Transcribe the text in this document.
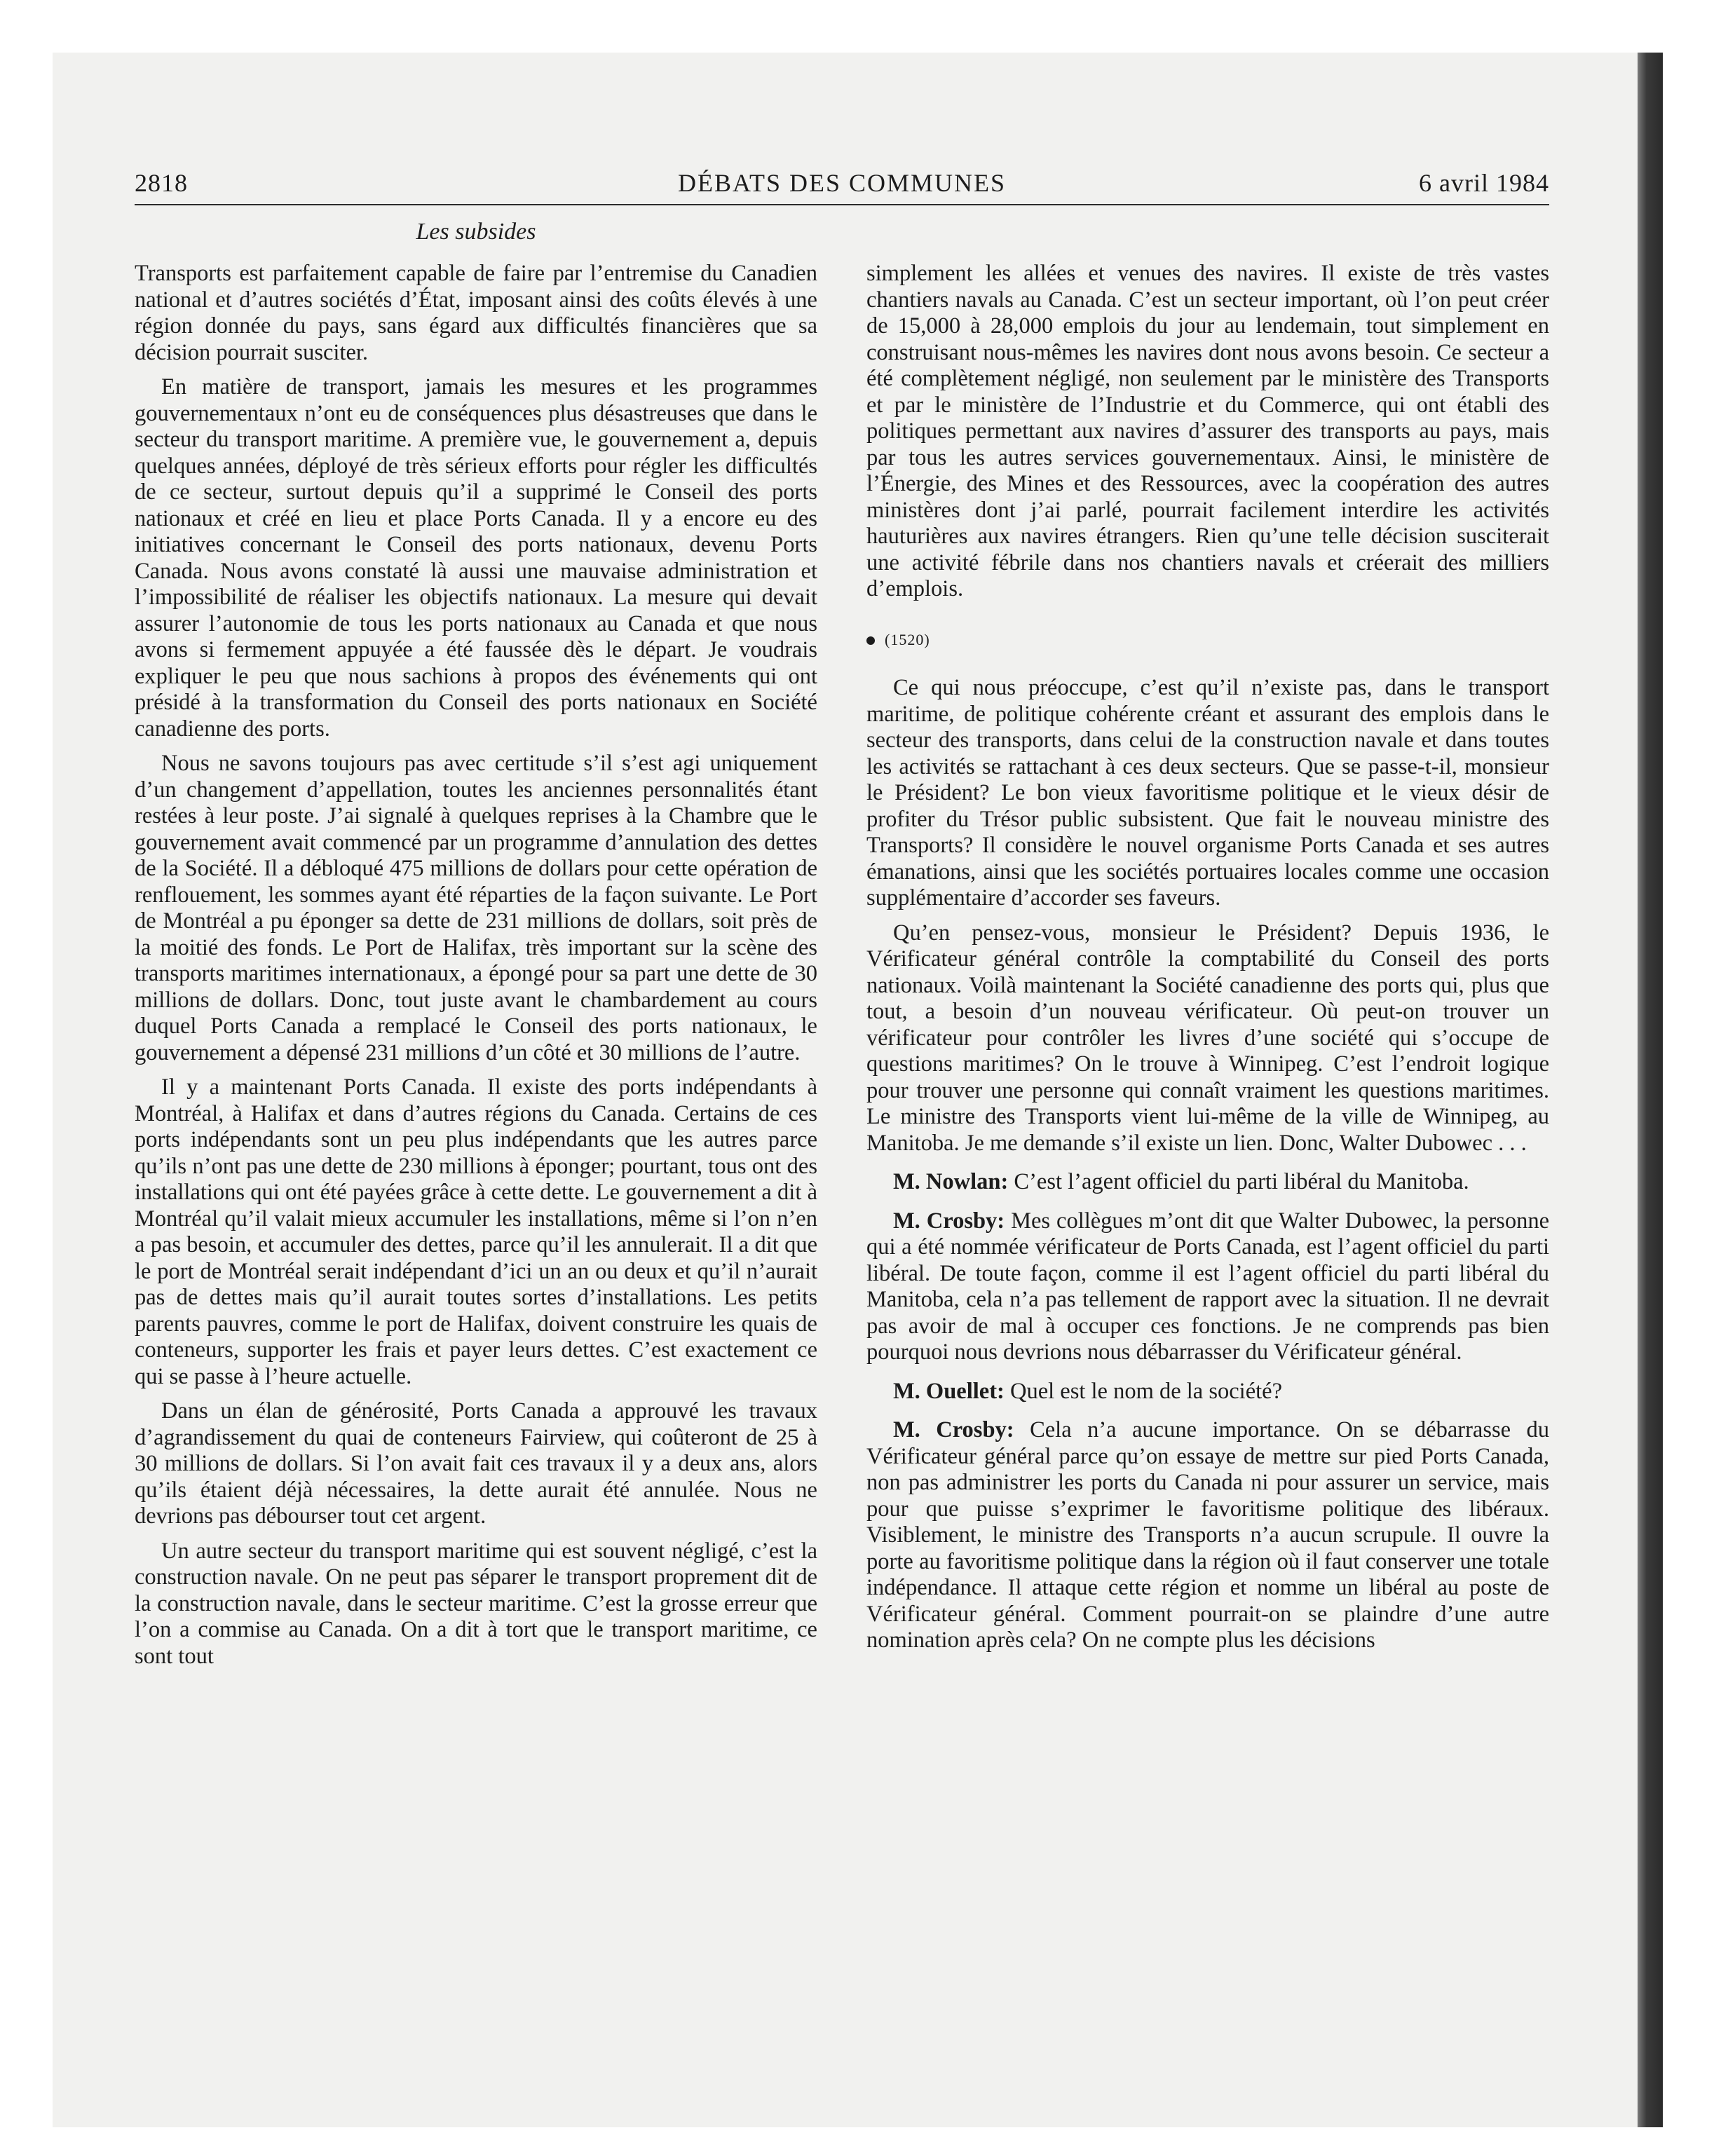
2818	DÉBATS DES COMMUNES	6 avril 1984
Les subsides

Transports est parfaitement capable de faire par l’entremise du Canadien national et d’autres sociétés d’État, imposant ainsi des coûts élevés à une région donnée du pays, sans égard aux difficultés financières que sa décision pourrait susciter.

En matière de transport, jamais les mesures et les programmes gouvernementaux n’ont eu de conséquences plus désastreuses que dans le secteur du transport maritime. A première vue, le gouvernement a, depuis quelques années, déployé de très sérieux efforts pour régler les difficultés de ce secteur, surtout depuis qu’il a supprimé le Conseil des ports nationaux et créé en lieu et place Ports Canada. Il y a encore eu des initiatives concernant le Conseil des ports nationaux, devenu Ports Canada. Nous avons constaté là aussi une mauvaise administration et l’impossibilité de réaliser les objectifs nationaux. La mesure qui devait assurer l’autonomie de tous les ports nationaux au Canada et que nous avons si fermement appuyée a été faussée dès le départ. Je voudrais expliquer le peu que nous sachions à propos des événements qui ont présidé à la transformation du Conseil des ports nationaux en Société canadienne des ports.

Nous ne savons toujours pas avec certitude s’il s’est agi uniquement d’un changement d’appellation, toutes les anciennes personnalités étant restées à leur poste. J’ai signalé à quelques reprises à la Chambre que le gouvernement avait commencé par un programme d’annulation des dettes de la Société. Il a débloqué 475 millions de dollars pour cette opération de renflouement, les sommes ayant été réparties de la façon suivante. Le Port de Montréal a pu éponger sa dette de 231 millions de dollars, soit près de la moitié des fonds. Le Port de Halifax, très important sur la scène des transports maritimes internationaux, a épongé pour sa part une dette de 30 millions de dollars. Donc, tout juste avant le chambardement au cours duquel Ports Canada a remplacé le Conseil des ports nationaux, le gouvernement a dépensé 231 millions d’un côté et 30 millions de l’autre.

Il y a maintenant Ports Canada. Il existe des ports indépendants à Montréal, à Halifax et dans d’autres régions du Canada. Certains de ces ports indépendants sont un peu plus indépendants que les autres parce qu’ils n’ont pas une dette de 230 millions à éponger; pourtant, tous ont des installations qui ont été payées grâce à cette dette. Le gouvernement a dit à Montréal qu’il valait mieux accumuler les installations, même si l’on n’en a pas besoin, et accumuler des dettes, parce qu’il les annulerait. Il a dit que le port de Montréal serait indépendant d’ici un an ou deux et qu’il n’aurait pas de dettes mais qu’il aurait toutes sortes d’installations. Les petits parents pauvres, comme le port de Halifax, doivent construire les quais de conteneurs, supporter les frais et payer leurs dettes. C’est exactement ce qui se passe à l’heure actuelle.

Dans un élan de générosité, Ports Canada a approuvé les travaux d’agrandissement du quai de conteneurs Fairview, qui coûteront de 25 à 30 millions de dollars. Si l’on avait fait ces travaux il y a deux ans, alors qu’ils étaient déjà nécessaires, la dette aurait été annulée. Nous ne devrions pas débourser tout cet argent.

Un autre secteur du transport maritime qui est souvent négligé, c’est la construction navale. On ne peut pas séparer le transport proprement dit de la construction navale, dans le secteur maritime. C’est la grosse erreur que l’on a commise au Canada. On a dit à tort que le transport maritime, ce sont tout

simplement les allées et venues des navires. Il existe de très vastes chantiers navals au Canada. C’est un secteur important, où l’on peut créer de 15,000 à 28,000 emplois du jour au lendemain, tout simplement en construisant nous-mêmes les navires dont nous avons besoin. Ce secteur a été complètement négligé, non seulement par le ministère des Transports et par le ministère de l’Industrie et du Commerce, qui ont établi des politiques permettant aux navires d’assurer des transports au pays, mais par tous les autres services gouvernementaux. Ainsi, le ministère de l’Énergie, des Mines et des Ressources, avec la coopération des autres ministères dont j’ai parlé, pourrait facilement interdire les activités hauturières aux navires étrangers. Rien qu’une telle décision susciterait une activité fébrile dans nos chantiers navals et créerait des milliers d’emplois.

(1520)

Ce qui nous préoccupe, c’est qu’il n’existe pas, dans le transport maritime, de politique cohérente créant et assurant des emplois dans le secteur des transports, dans celui de la construction navale et dans toutes les activités se rattachant à ces deux secteurs. Que se passe-t-il, monsieur le Président? Le bon vieux favoritisme politique et le vieux désir de profiter du Trésor public subsistent. Que fait le nouveau ministre des Transports? Il considère le nouvel organisme Ports Canada et ses autres émanations, ainsi que les sociétés portuaires locales comme une occasion supplémentaire d’accorder ses faveurs.

Qu’en pensez-vous, monsieur le Président? Depuis 1936, le Vérificateur général contrôle la comptabilité du Conseil des ports nationaux. Voilà maintenant la Société canadienne des ports qui, plus que tout, a besoin d’un nouveau vérificateur. Où peut-on trouver un vérificateur pour contrôler les livres d’une société qui s’occupe de questions maritimes? On le trouve à Winnipeg. C’est l’endroit logique pour trouver une personne qui connaît vraiment les questions maritimes. Le ministre des Transports vient lui-même de la ville de Winnipeg, au Manitoba. Je me demande s’il existe un lien. Donc, Walter Dubowec . . .

M. Nowlan: C’est l’agent officiel du parti libéral du Manitoba.

M. Crosby: Mes collègues m’ont dit que Walter Dubowec, la personne qui a été nommée vérificateur de Ports Canada, est l’agent officiel du parti libéral. De toute façon, comme il est l’agent officiel du parti libéral du Manitoba, cela n’a pas tellement de rapport avec la situation. Il ne devrait pas avoir de mal à occuper ces fonctions. Je ne comprends pas bien pourquoi nous devrions nous débarrasser du Vérificateur général.

M. Ouellet: Quel est le nom de la société?

M. Crosby: Cela n’a aucune importance. On se débarrasse du Vérificateur général parce qu’on essaye de mettre sur pied Ports Canada, non pas administrer les ports du Canada ni pour assurer un service, mais pour que puisse s’exprimer le favoritisme politique des libéraux. Visiblement, le ministre des Transports n’a aucun scrupule. Il ouvre la porte au favoritisme politique dans la région où il faut conserver une totale indépendance. Il attaque cette région et nomme un libéral au poste de Vérificateur général. Comment pourrait-on se plaindre d’une autre nomination après cela? On ne compte plus les décisions
